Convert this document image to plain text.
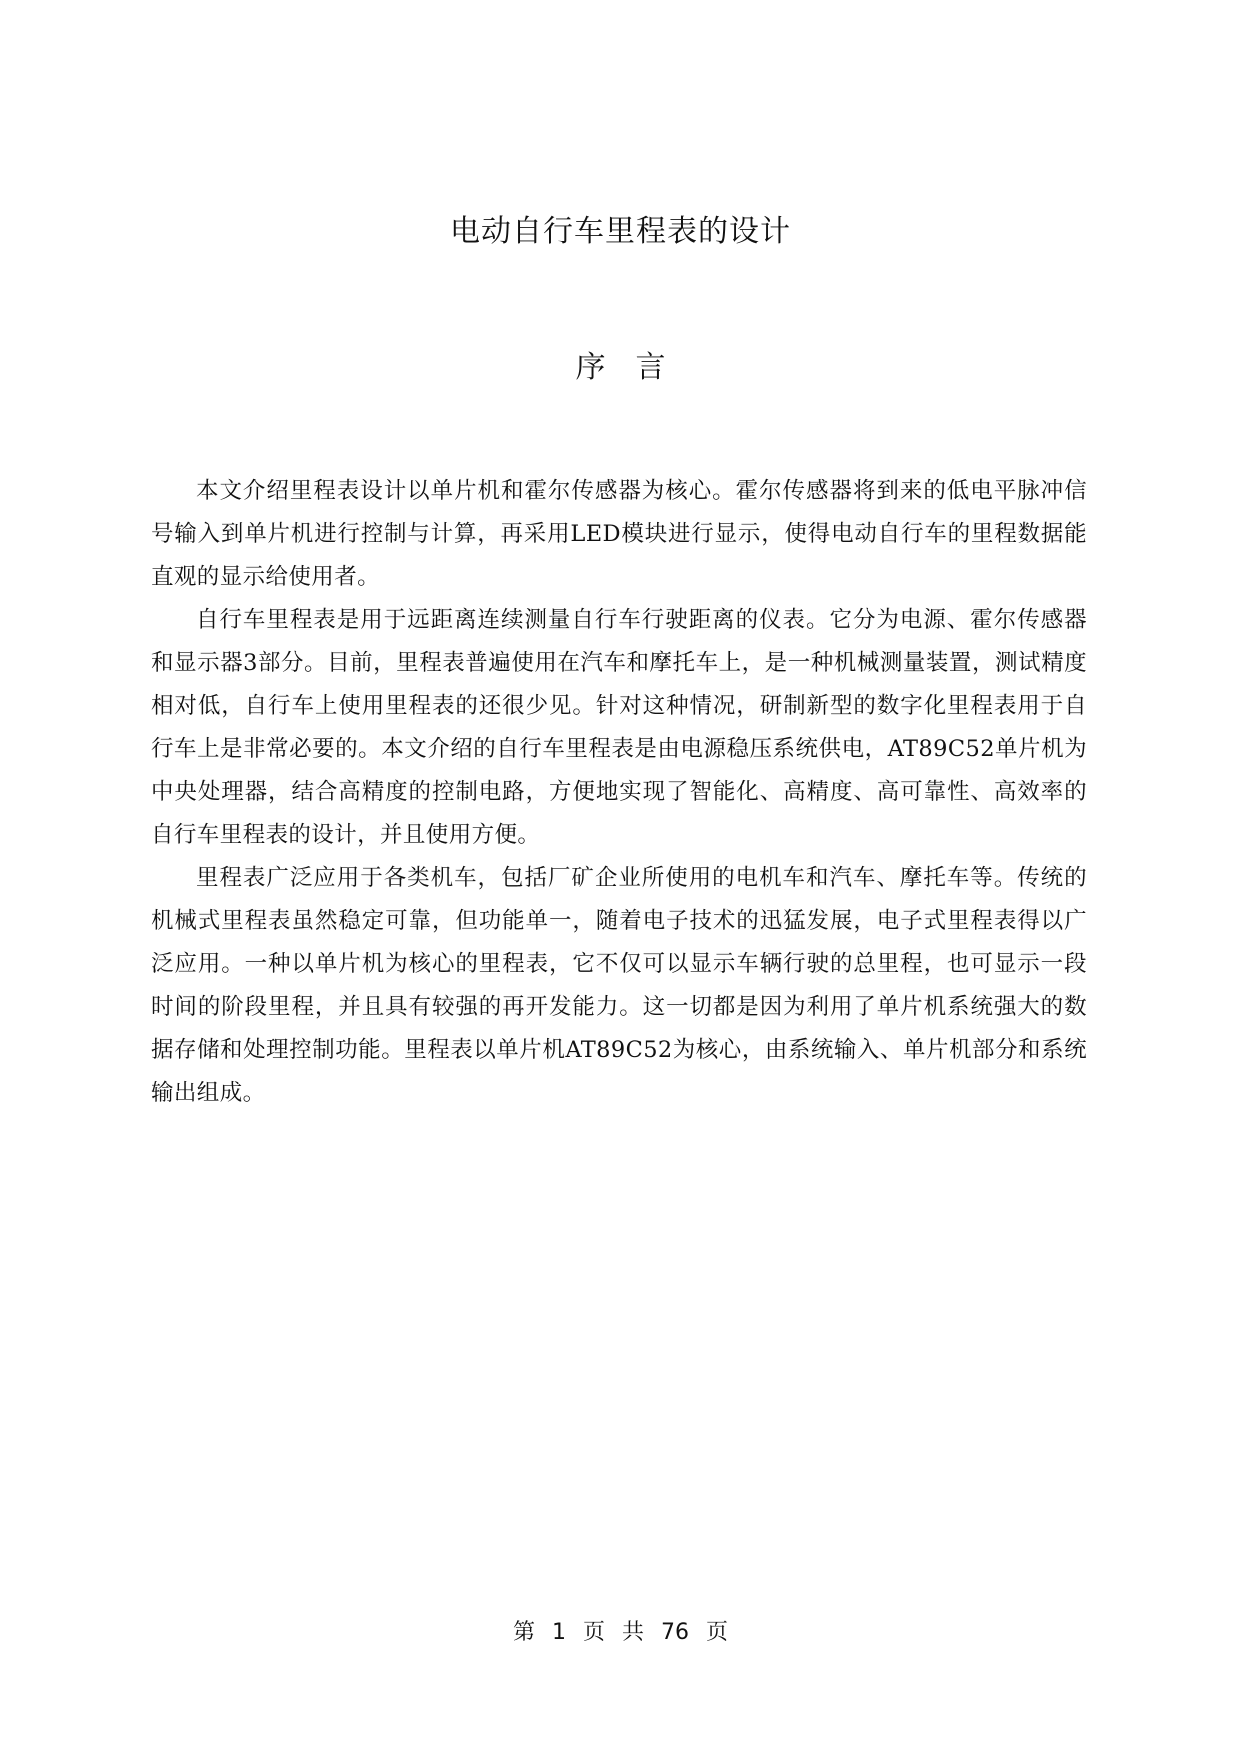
电动自行车里程表的设计
序言

本文介绍里程表设计以单片机和霍尔传感器为核心。霍尔传感器将到来的低电平脉冲信号输入到单片机进行控制与计算，再采用LED模块进行显示，使得电动自行车的里程数据能直观的显示给使用者。

自行车里程表是用于远距离连续测量自行车行驶距离的仪表。它分为电源、霍尔传感器和显示器3部分。目前，里程表普遍使用在汽车和摩托车上，是一种机械测量装置，测试精度相对低，自行车上使用里程表的还很少见。针对这种情况，研制新型的数字化里程表用于自行车上是非常必要的。本文介绍的自行车里程表是由电源稳压系统供电，AT89C52单片机为中央处理器，结合高精度的控制电路，方便地实现了智能化、高精度、高可靠性、高效率的自行车里程表的设计，并且使用方便。

里程表广泛应用于各类机车，包括厂矿企业所使用的电机车和汽车、摩托车等。传统的机械式里程表虽然稳定可靠，但功能单一，随着电子技术的迅猛发展，电子式里程表得以广泛应用。一种以单片机为核心的里程表，它不仅可以显示车辆行驶的总里程，也可显示一段时间的阶段里程，并且具有较强的再开发能力。这一切都是因为利用了单片机系统强大的数据存储和处理控制功能。里程表以单片机AT89C52为核心，由系统输入、单片机部分和系统输出组成。

第 1 页 共 76 页
